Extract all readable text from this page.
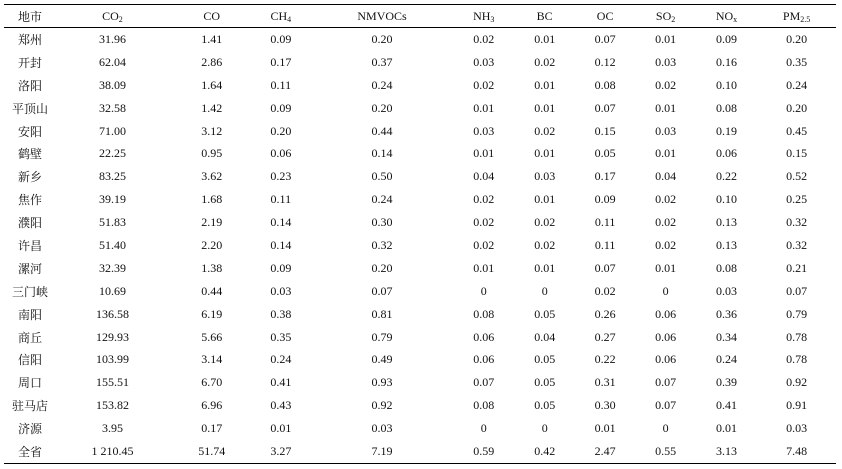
地市	$CO_2$	CO	$CH_4$	NMVOCs	$NH_3$	BC	OC	$SO_2$	$NO_x$	$PM_{2.5}$
郑州	31.96	1.41	0.09	0.20	0.02	0.01	0.07	0.01	0.09	0.20
开封	62.04	2.86	0.17	0.37	0.03	0.02	0.12	0.03	0.16	0.35
洛阳	38.09	1.64	0.11	0.24	0.02	0.01	0.08	0.02	0.10	0.24
平顶山	32.58	1.42	0.09	0.20	0.01	0.01	0.07	0.01	0.08	0.20
安阳	71.00	3.12	0.20	0.44	0.03	0.02	0.15	0.03	0.19	0.45
鹤壁	22.25	0.95	0.06	0.14	0.01	0.01	0.05	0.01	0.06	0.15
新乡	83.25	3.62	0.23	0.50	0.04	0.03	0.17	0.04	0.22	0.52
焦作	39.19	1.68	0.11	0.24	0.02	0.01	0.09	0.02	0.10	0.25
濮阳	51.83	2.19	0.14	0.30	0.02	0.02	0.11	0.02	0.13	0.32
许昌	51.40	2.20	0.14	0.32	0.02	0.02	0.11	0.02	0.13	0.32
漯河	32.39	1.38	0.09	0.20	0.01	0.01	0.07	0.01	0.08	0.21
三门峡	10.69	0.44	0.03	0.07	0	0	0.02	0	0.03	0.07
南阳	136.58	6.19	0.38	0.81	0.08	0.05	0.26	0.06	0.36	0.79
商丘	129.93	5.66	0.35	0.79	0.06	0.04	0.27	0.06	0.34	0.78
信阳	103.99	3.14	0.24	0.49	0.06	0.05	0.22	0.06	0.24	0.78
周口	155.51	6.70	0.41	0.93	0.07	0.05	0.31	0.07	0.39	0.92
驻马店	153.82	6.96	0.43	0.92	0.08	0.05	0.30	0.07	0.41	0.91
济源	3.95	0.17	0.01	0.03	0	0	0.01	0	0.01	0.03
全省	1 210.45	51.74	3.27	7.19	0.59	0.42	2.47	0.55	3.13	7.48
